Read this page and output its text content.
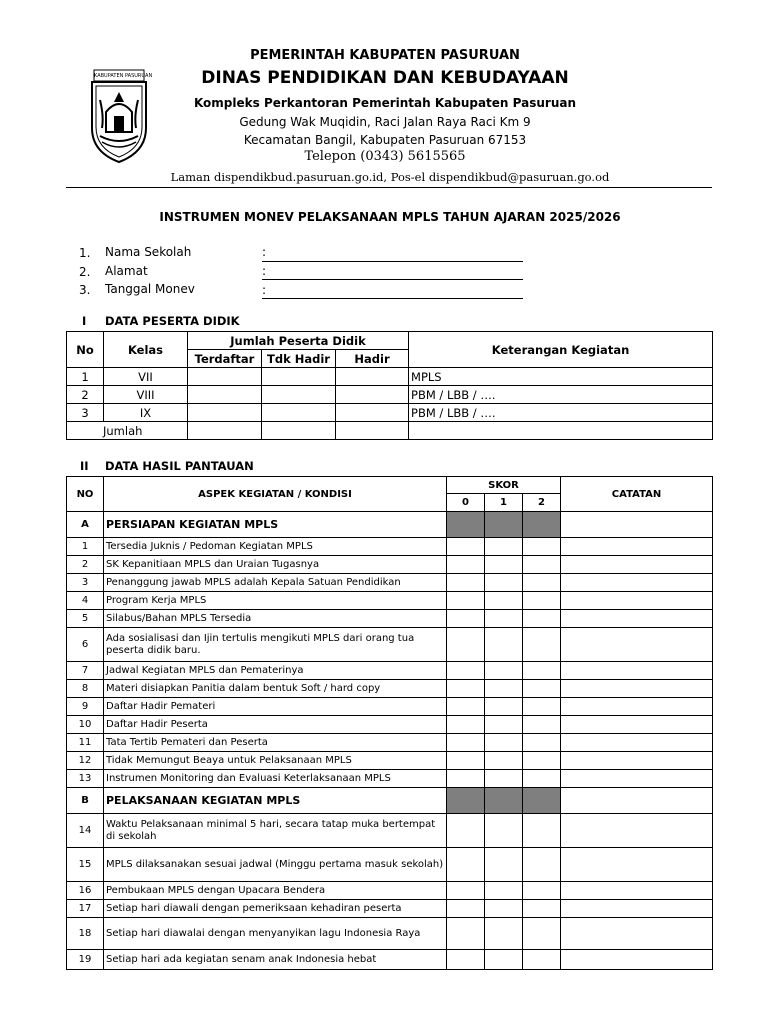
KABUPATEN PASURUAN
PEMERINTAH KABUPATEN PASURUAN
DINAS PENDIDIKAN DAN KEBUDAYAAN
Kompleks Perkantoran Pemerintah Kabupaten Pasuruan
Gedung Wak Muqidin, Raci Jalan Raya Raci Km 9
Kecamatan Bangil, Kabupaten Pasuruan 67153
Telepon (0343) 5615565
Laman dispendikbud.pasuruan.go.id, Pos-el dispendikbud@pasuruan.go.od
INSTRUMEN MONEV PELAKSANAAN MPLS TAHUN AJARAN 2025/2026
1. Nama Sekolah	:
2. Alamat	:
3. Tanggal Monev	:
I DATA PESERTA DIDIK
No	Kelas	Jumlah Peserta Didik			Keterangan Kegiatan
		Terdaftar	Tdk Hadir	Hadir	
1	VII				MPLS
2	VIII				PBM / LBB / ….
3	IX				PBM / LBB / ….
Jumlah					
II DATA HASIL PANTAUAN
NO	ASPEK KEGIATAN / KONDISI	SKOR			CATATAN
		0	1	2	
A	PERSIAPAN KEGIATAN MPLS				
1	Tersedia Juknis / Pedoman Kegiatan MPLS				
2	SK Kepanitiaan MPLS dan Uraian Tugasnya				
3	Penanggung jawab MPLS adalah Kepala Satuan Pendidikan				
4	Program Kerja MPLS				
5	Silabus/Bahan MPLS Tersedia				
6	Ada sosialisasi dan Ijin tertulis mengikuti MPLS dari orang tua peserta didik baru.				
7	Jadwal Kegiatan MPLS dan Pematerinya				
8	Materi disiapkan Panitia dalam bentuk Soft / hard copy				
9	Daftar Hadir Pemateri				
10	Daftar Hadir Peserta				
11	Tata Tertib Pemateri dan Peserta				
12	Tidak Memungut Beaya untuk Pelaksanaan MPLS				
13	Instrumen Monitoring dan Evaluasi Keterlaksanaan MPLS				
B	PELAKSANAAN KEGIATAN MPLS				
14	Waktu Pelaksanaan minimal 5 hari, secara tatap muka bertempat di sekolah				
15	MPLS dilaksanakan sesuai jadwal (Minggu pertama masuk sekolah)				
16	Pembukaan MPLS dengan Upacara Bendera				
17	Setiap hari diawali dengan pemeriksaan kehadiran peserta				
18	Setiap hari diawalai dengan menyanyikan lagu Indonesia Raya				
19	Setiap hari ada kegiatan senam anak Indonesia hebat				
